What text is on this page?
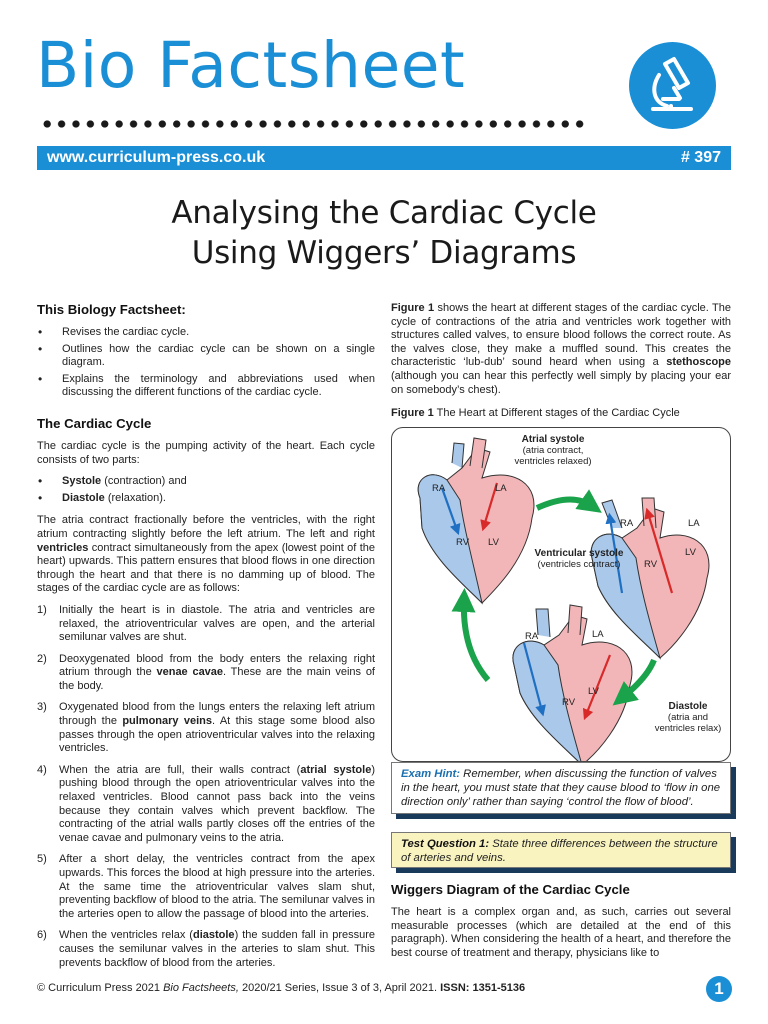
Bio Factsheet
www.curriculum-press.co.uk	# 397
Analysing the Cardiac Cycle
Using Wiggers’ Diagrams
This Biology Factsheet:
• Revises the cardiac cycle.
• Outlines how the cardiac cycle can be shown on a single diagram.
• Explains the terminology and abbreviations used when discussing the different functions of the cardiac cycle.
The Cardiac Cycle

The cardiac cycle is the pumping activity of the heart. Each cycle consists of two parts:

• Systole (contraction) and
• Diastole (relaxation).

The atria contract fractionally before the ventricles, with the right atrium contracting slightly before the left atrium. The left and right ventricles contract simultaneously from the apex (lowest point of the heart) upwards. This pattern ensures that blood flows in one direction through the heart and that there is no damming up of blood. The stages of the cardiac cycle are as follows:

1) Initially the heart is in diastole. The atria and ventricles are relaxed, the atrioventricular valves are open, and the arterial semilunar valves are shut.
2) Deoxygenated blood from the body enters the relaxing right atrium through the venae cavae. These are the main veins of the body.
3) Oxygenated blood from the lungs enters the relaxing left atrium through the pulmonary veins. At this stage some blood also passes through the open atrioventricular valves into the relaxing ventricles.
4) When the atria are full, their walls contract (atrial systole) pushing blood through the open atrioventricular valves into the relaxed ventricles. Blood cannot pass back into the veins because they contain valves which prevent backflow. The contracting of the atrial walls partly closes off the entries of the venae cavae and pulmonary veins to the atria.
5) After a short delay, the ventricles contract from the apex upwards. This forces the blood at high pressure into the arteries. At the same time the atrioventricular valves slam shut, preventing backflow of blood to the atria. The semilunar valves in the arteries open to allow the passage of blood into the arteries.
6) When the ventricles relax (diastole) the sudden fall in pressure causes the semilunar valves in the arteries to slam shut. This prevents backflow of blood from the arteries.

Figure 1 shows the heart at different stages of the cardiac cycle. The cycle of contractions of the atria and ventricles work together with structures called valves, to ensure blood follows the correct route. As the valves close, they make a muffled sound. This creates the characteristic ‘lub-dub’ sound heard when using a stethoscope (although you can hear this perfectly well simply by placing your ear on somebody’s chest).

Figure 1 The Heart at Different stages of the Cardiac Cycle
Atrial systole
(atria contract,
ventricles relaxed)
Ventricular systole
(ventricles contract)
Diastole
(atria and
ventricles relax)
RA	LA
RV LV
RA	LA
RV
LV
RA	LA
RV
LV
Exam Hint: Remember, when discussing the function of valves in the heart, you must state that they cause blood to ‘flow in one direction only’ rather than saying ‘control the flow of blood’.
Test Question 1: State three differences between the structure of arteries and veins.
Wiggers Diagram of the Cardiac Cycle

The heart is a complex organ and, as such, carries out several measurable processes (which are detailed at the end of this paragraph). When considering the health of a heart, and therefore the best course of treatment and therapy, physicians like to

© Curriculum Press 2021 Bio Factsheets, 2020/21 Series, Issue 3 of 3, April 2021. ISSN: 1351-5136	1
